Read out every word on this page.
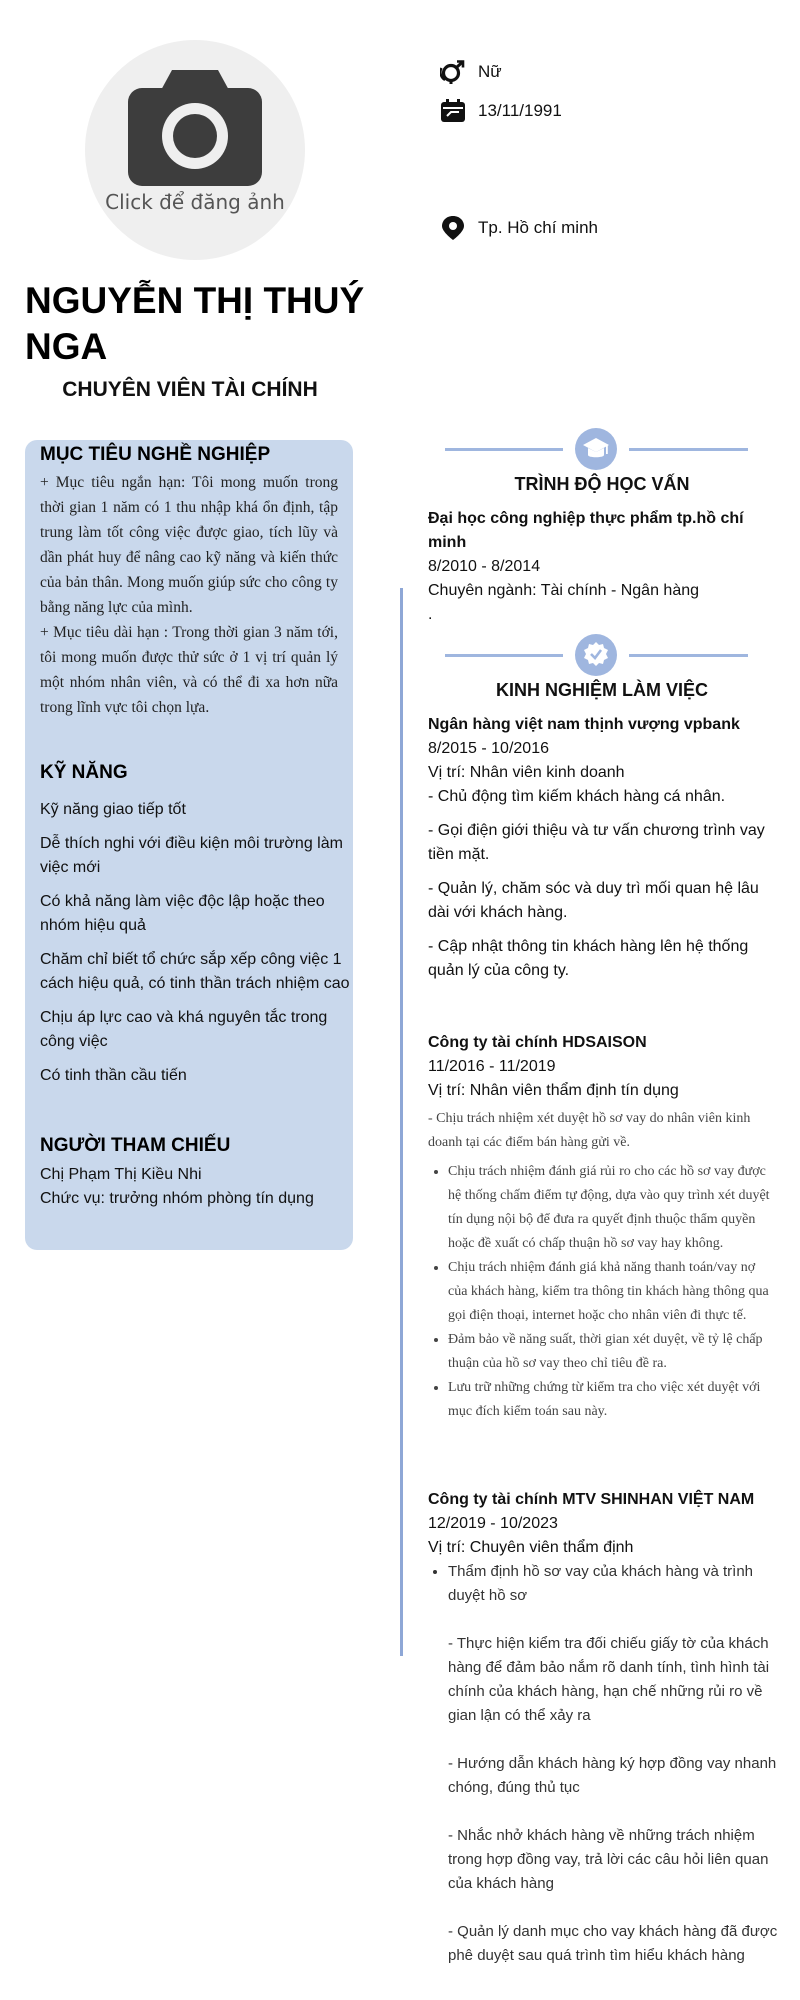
Click để đăng ảnh
NGUYỄN THỊ THUÝ NGA
CHUYÊN VIÊN TÀI CHÍNH
Nữ
13/11/1991
Tp. Hồ chí minh
MỤC TIÊU NGHỀ NGHIỆP

+ Mục tiêu ngắn hạn: Tôi mong muốn trong thời gian 1 năm có 1 thu nhập khá ổn định, tập trung làm tốt công việc được giao, tích lũy và dần phát huy để nâng cao kỹ năng và kiến thức của bản thân. Mong muốn giúp sức cho công ty bằng năng lực của mình.

+ Mục tiêu dài hạn : Trong thời gian 3 năm tới, tôi mong muốn được thử sức ở 1 vị trí quản lý một nhóm nhân viên, và có thể đi xa hơn nữa trong lĩnh vực tôi chọn lựa.

KỸ NĂNG
Kỹ năng giao tiếp tốt
Dễ thích nghi với điều kiện môi trường làm việc mới
Có khả năng làm việc độc lập hoặc theo nhóm hiệu quả
Chăm chỉ biết tổ chức sắp xếp công việc 1 cách hiệu quả, có tinh thần trách nhiệm cao
Chịu áp lực cao và khá nguyên tắc trong công việc
Có tinh thần cầu tiến
NGƯỜI THAM CHIẾU
Chị Phạm Thị Kiều Nhi
Chức vụ: trưởng nhóm phòng tín dụng
TRÌNH ĐỘ HỌC VẤN
Đại học công nghiệp thực phẩm tp.hồ chí minh
8/2010 - 8/2014
Chuyên ngành: Tài chính - Ngân hàng
.
KINH NGHIỆM LÀM VIỆC
Ngân hàng việt nam thịnh vượng vpbank
8/2015 - 10/2016
Vị trí: Nhân viên kinh doanh

- Chủ động tìm kiếm khách hàng cá nhân.

- Gọi điện giới thiệu và tư vấn chương trình vay tiền mặt.

- Quản lý, chăm sóc và duy trì mối quan hệ lâu dài với khách hàng.

- Cập nhật thông tin khách hàng lên hệ thống quản lý của công ty.

Công ty tài chính HDSAISON
11/2016 - 11/2019
Vị trí: Nhân viên thẩm định tín dụng
- Chịu trách nhiệm xét duyệt hồ sơ vay do nhân viên kinh doanh tại các điểm bán hàng gửi về.
• Chịu trách nhiệm đánh giá rủi ro cho các hồ sơ vay được hệ thống chấm điểm tự động, dựa vào quy trình xét duyệt tín dụng nội bộ để đưa ra quyết định thuộc thẩm quyền hoặc đề xuất có chấp thuận hồ sơ vay hay không.
• Chịu trách nhiệm đánh giá khả năng thanh toán/vay nợ của khách hàng, kiểm tra thông tin khách hàng thông qua gọi điện thoại, internet hoặc cho nhân viên đi thực tế.
• Đảm bảo về năng suất, thời gian xét duyệt, về tỷ lệ chấp thuận của hồ sơ vay theo chỉ tiêu đề ra.
• Lưu trữ những chứng từ kiểm tra cho việc xét duyệt với mục đích kiểm toán sau này.
Công ty tài chính MTV SHINHAN VIỆT NAM
12/2019 - 10/2023
Vị trí: Chuyên viên thẩm định
• Thẩm định hồ sơ vay của khách hàng và trình duyệt hồ sơ

- Thực hiện kiểm tra đối chiếu giấy tờ của khách hàng để đảm bảo nắm rõ danh tính, tình hình tài chính của khách hàng, hạn chế những rủi ro về gian lận có thể xảy ra

- Hướng dẫn khách hàng ký hợp đồng vay nhanh chóng, đúng thủ tục

- Nhắc nhở khách hàng về những trách nhiệm trong hợp đồng vay, trả lời các câu hỏi liên quan của khách hàng

- Quản lý danh mục cho vay khách hàng đã được phê duyệt sau quá trình tìm hiểu khách hàng
